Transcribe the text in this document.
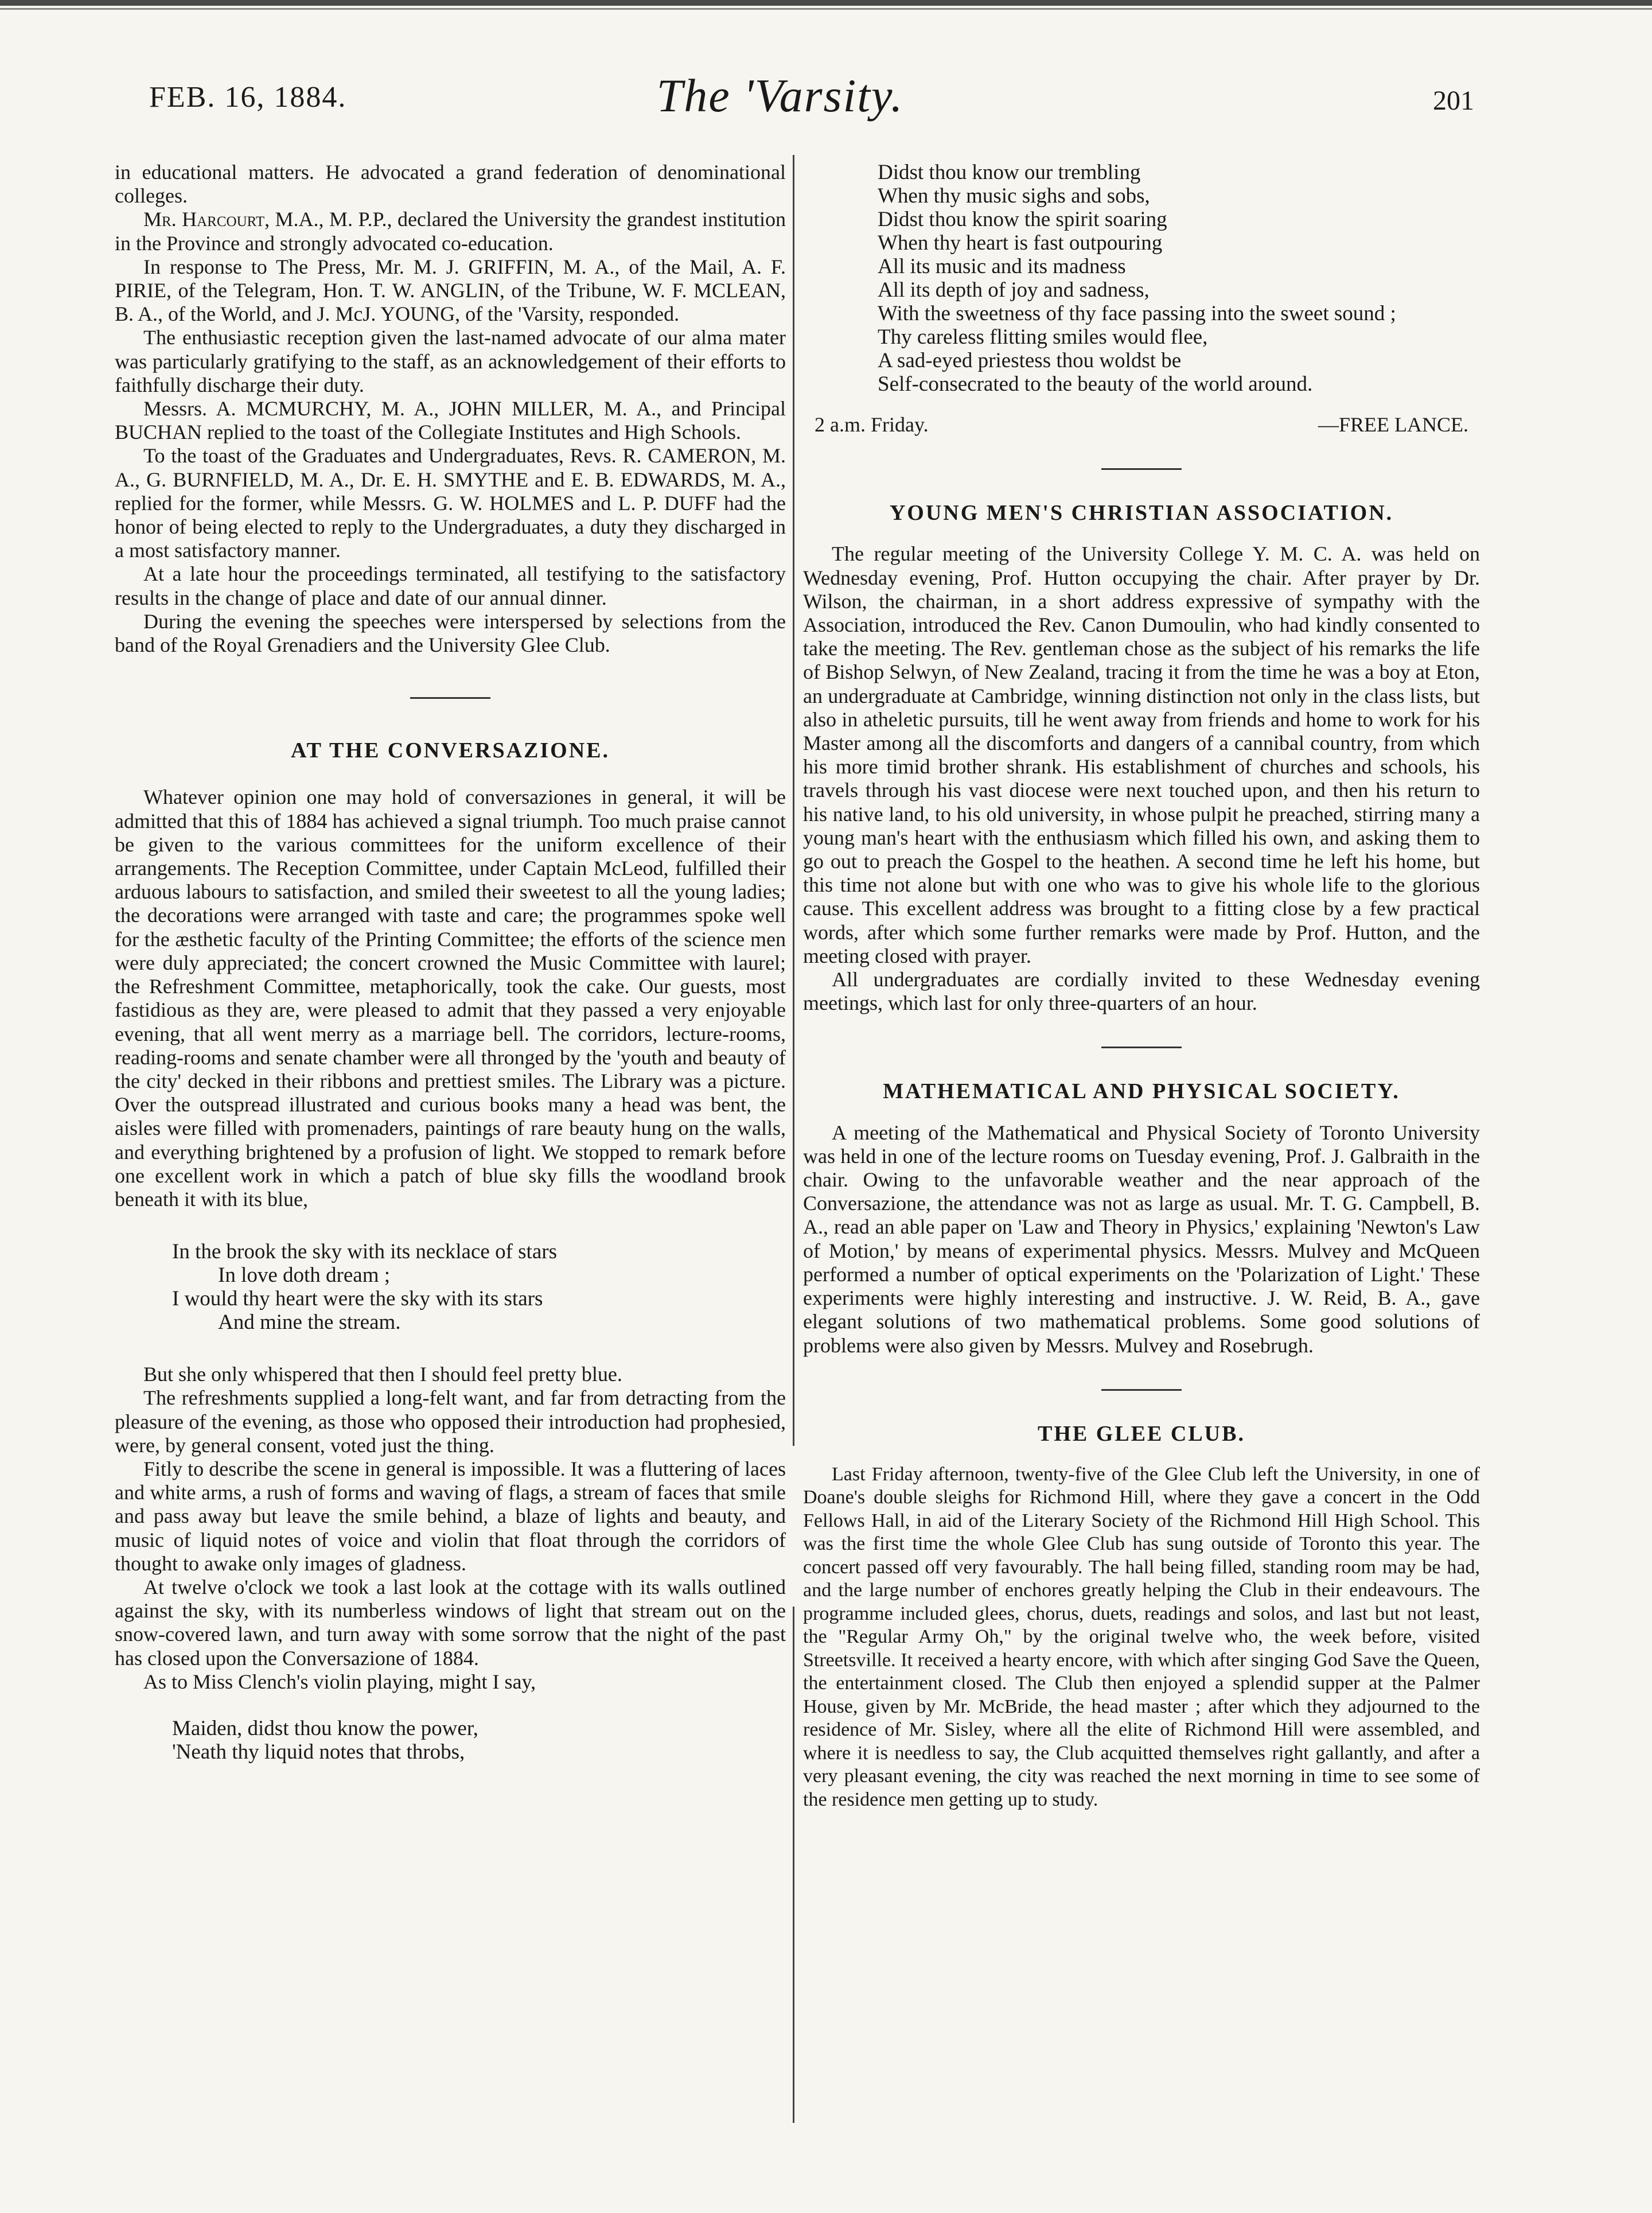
FEB. 16, 1884.	The 'Varsity.	201

in educational matters. He advocated a grand federation of denominational colleges.

Mr. Harcourt, M.A., M. P.P., declared the University the grandest institution in the Province and strongly advocated co-education.

In response to The Press, Mr. M. J. GRIFFIN, M. A., of the Mail, A. F. PIRIE, of the Telegram, Hon. T. W. ANGLIN, of the Tribune, W. F. MCLEAN, B. A., of the World, and J. McJ. YOUNG, of the 'Varsity, responded.

The enthusiastic reception given the last-named advocate of our alma mater was particularly gratifying to the staff, as an acknowledgement of their efforts to faithfully discharge their duty.

Messrs. A. MCMURCHY, M. A., JOHN MILLER, M. A., and Principal BUCHAN replied to the toast of the Collegiate Institutes and High Schools.

To the toast of the Graduates and Undergraduates, Revs. R. CAMERON, M. A., G. BURNFIELD, M. A., Dr. E. H. SMYTHE and E. B. EDWARDS, M. A., replied for the former, while Messrs. G. W. HOLMES and L. P. DUFF had the honor of being elected to reply to the Undergraduates, a duty they discharged in a most satisfactory manner.

At a late hour the proceedings terminated, all testifying to the satisfactory results in the change of place and date of our annual dinner.

During the evening the speeches were interspersed by selections from the band of the Royal Grenadiers and the University Glee Club.

AT THE CONVERSAZIONE.

Whatever opinion one may hold of conversaziones in general, it will be admitted that this of 1884 has achieved a signal triumph. Too much praise cannot be given to the various committees for the uniform excellence of their arrangements. The Reception Committee, under Captain McLeod, fulfilled their arduous labours to satisfaction, and smiled their sweetest to all the young ladies; the decorations were arranged with taste and care; the programmes spoke well for the æsthetic faculty of the Printing Committee; the efforts of the science men were duly appreciated; the concert crowned the Music Committee with laurel; the Refreshment Committee, metaphorically, took the cake. Our guests, most fastidious as they are, were pleased to admit that they passed a very enjoyable evening, that all went merry as a marriage bell. The corridors, lecture-rooms, reading-rooms and senate chamber were all thronged by the 'youth and beauty of the city' decked in their ribbons and prettiest smiles. The Library was a picture. Over the outspread illustrated and curious books many a head was bent, the aisles were filled with promenaders, paintings of rare beauty hung on the walls, and everything brightened by a profusion of light. We stopped to remark before one excellent work in which a patch of blue sky fills the woodland brook beneath it with its blue,

In the brook the sky with its necklace of stars
In love doth dream ;
I would thy heart were the sky with its stars
And mine the stream.

But she only whispered that then I should feel pretty blue.

The refreshments supplied a long-felt want, and far from detracting from the pleasure of the evening, as those who opposed their introduction had prophesied, were, by general consent, voted just the thing.

Fitly to describe the scene in general is impossible. It was a fluttering of laces and white arms, a rush of forms and waving of flags, a stream of faces that smile and pass away but leave the smile behind, a blaze of lights and beauty, and music of liquid notes of voice and violin that float through the corridors of thought to awake only images of gladness.

At twelve o'clock we took a last look at the cottage with its walls outlined against the sky, with its numberless windows of light that stream out on the snow-covered lawn, and turn away with some sorrow that the night of the past has closed upon the Conversazione of 1884.

As to Miss Clench's violin playing, might I say,

Maiden, didst thou know the power,
'Neath thy liquid notes that throbs,
Didst thou know our trembling
When thy music sighs and sobs,
Didst thou know the spirit soaring
When thy heart is fast outpouring
All its music and its madness
All its depth of joy and sadness,
With the sweetness of thy face passing into the sweet sound ;
Thy careless flitting smiles would flee,
A sad-eyed priestess thou woldst be
Self-consecrated to the beauty of the world around.
2 a.m. Friday.	—FREE LANCE.
YOUNG MEN'S CHRISTIAN ASSOCIATION.

The regular meeting of the University College Y. M. C. A. was held on Wednesday evening, Prof. Hutton occupying the chair. After prayer by Dr. Wilson, the chairman, in a short address expressive of sympathy with the Association, introduced the Rev. Canon Dumoulin, who had kindly consented to take the meeting. The Rev. gentleman chose as the subject of his remarks the life of Bishop Selwyn, of New Zealand, tracing it from the time he was a boy at Eton, an undergraduate at Cambridge, winning distinction not only in the class lists, but also in atheletic pursuits, till he went away from friends and home to work for his Master among all the discomforts and dangers of a cannibal country, from which his more timid brother shrank. His establishment of churches and schools, his travels through his vast diocese were next touched upon, and then his return to his native land, to his old university, in whose pulpit he preached, stirring many a young man's heart with the enthusiasm which filled his own, and asking them to go out to preach the Gospel to the heathen. A second time he left his home, but this time not alone but with one who was to give his whole life to the glorious cause. This excellent address was brought to a fitting close by a few practical words, after which some further remarks were made by Prof. Hutton, and the meeting closed with prayer.

All undergraduates are cordially invited to these Wednesday evening meetings, which last for only three-quarters of an hour.

MATHEMATICAL AND PHYSICAL SOCIETY.

A meeting of the Mathematical and Physical Society of Toronto University was held in one of the lecture rooms on Tuesday evening, Prof. J. Galbraith in the chair. Owing to the unfavorable weather and the near approach of the Conversazione, the attendance was not as large as usual. Mr. T. G. Campbell, B. A., read an able paper on 'Law and Theory in Physics,' explaining 'Newton's Law of Motion,' by means of experimental physics. Messrs. Mulvey and McQueen performed a number of optical experiments on the 'Polarization of Light.' These experiments were highly interesting and instructive. J. W. Reid, B. A., gave elegant solutions of two mathematical problems. Some good solutions of problems were also given by Messrs. Mulvey and Rosebrugh.

THE GLEE CLUB.

Last Friday afternoon, twenty-five of the Glee Club left the University, in one of Doane's double sleighs for Richmond Hill, where they gave a concert in the Odd Fellows Hall, in aid of the Literary Society of the Richmond Hill High School. This was the first time the whole Glee Club has sung outside of Toronto this year. The concert passed off very favourably. The hall being filled, standing room may be had, and the large number of enchores greatly helping the Club in their endeavours. The programme included glees, chorus, duets, readings and solos, and last but not least, the "Regular Army Oh," by the original twelve who, the week before, visited Streetsville. It received a hearty encore, with which after singing God Save the Queen, the entertainment closed. The Club then enjoyed a splendid supper at the Palmer House, given by Mr. McBride, the head master ; after which they adjourned to the residence of Mr. Sisley, where all the elite of Richmond Hill were assembled, and where it is needless to say, the Club acquitted themselves right gallantly, and after a very pleasant evening, the city was reached the next morning in time to see some of the residence men getting up to study.
